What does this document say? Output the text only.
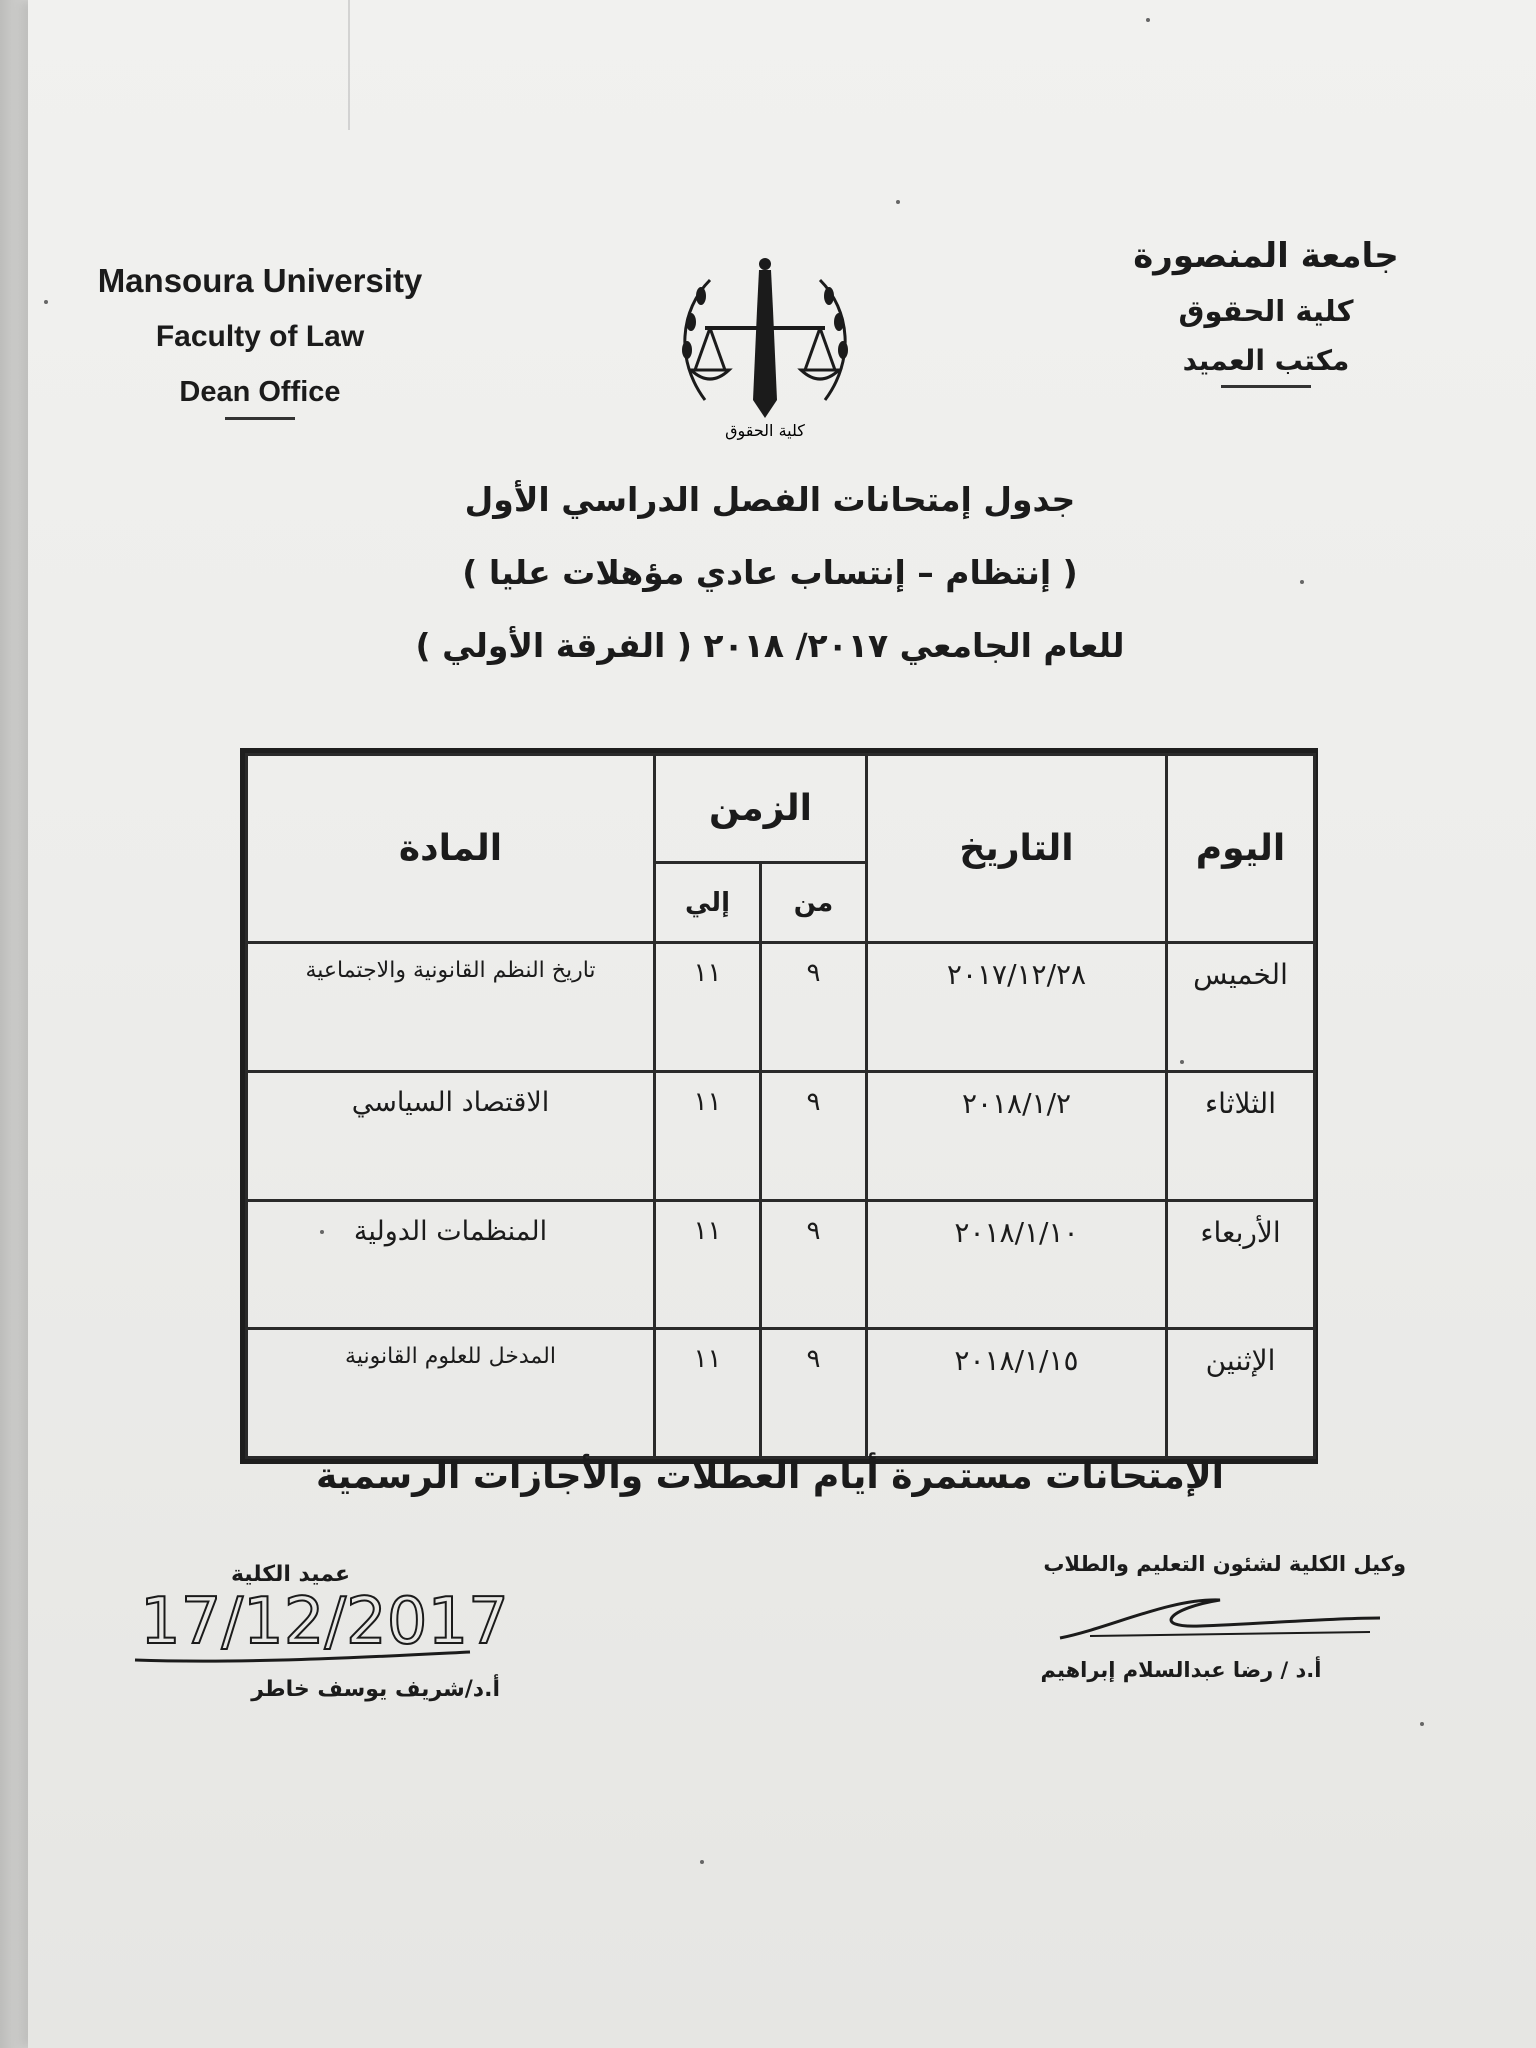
Mansoura University
Faculty of Law
Dean Office
كلية الحقوق
جامعة المنصورة
كلية الحقوق
مكتب العميد
جدول إمتحانات الفصل الدراسي الأول
( إنتظام – إنتساب عادي مؤهلات عليا )
للعام الجامعي ٢٠١٧/ ٢٠١٨ ( الفرقة الأولي )
اليوم	التاريخ	الزمن		المادة
		من	إلي	
الخميس	٢٠١٧/١٢/٢٨	٩	١١	تاريخ النظم القانونية والاجتماعية
الثلاثاء	٢٠١٨/١/٢	٩	١١	الاقتصاد السياسي
الأربعاء	٢٠١٨/١/١٠	٩	١١	المنظمات الدولية
الإثنين	٢٠١٨/١/١٥	٩	١١	المدخل للعلوم القانونية
الإمتحانات مستمرة أيام العطلات والأجازات الرسمية
وكيل الكلية لشئون التعليم والطلاب
أ.د / رضا عبدالسلام إبراهيم
عميد الكلية
أ.د/شريف يوسف خاطر
17/12/2017
